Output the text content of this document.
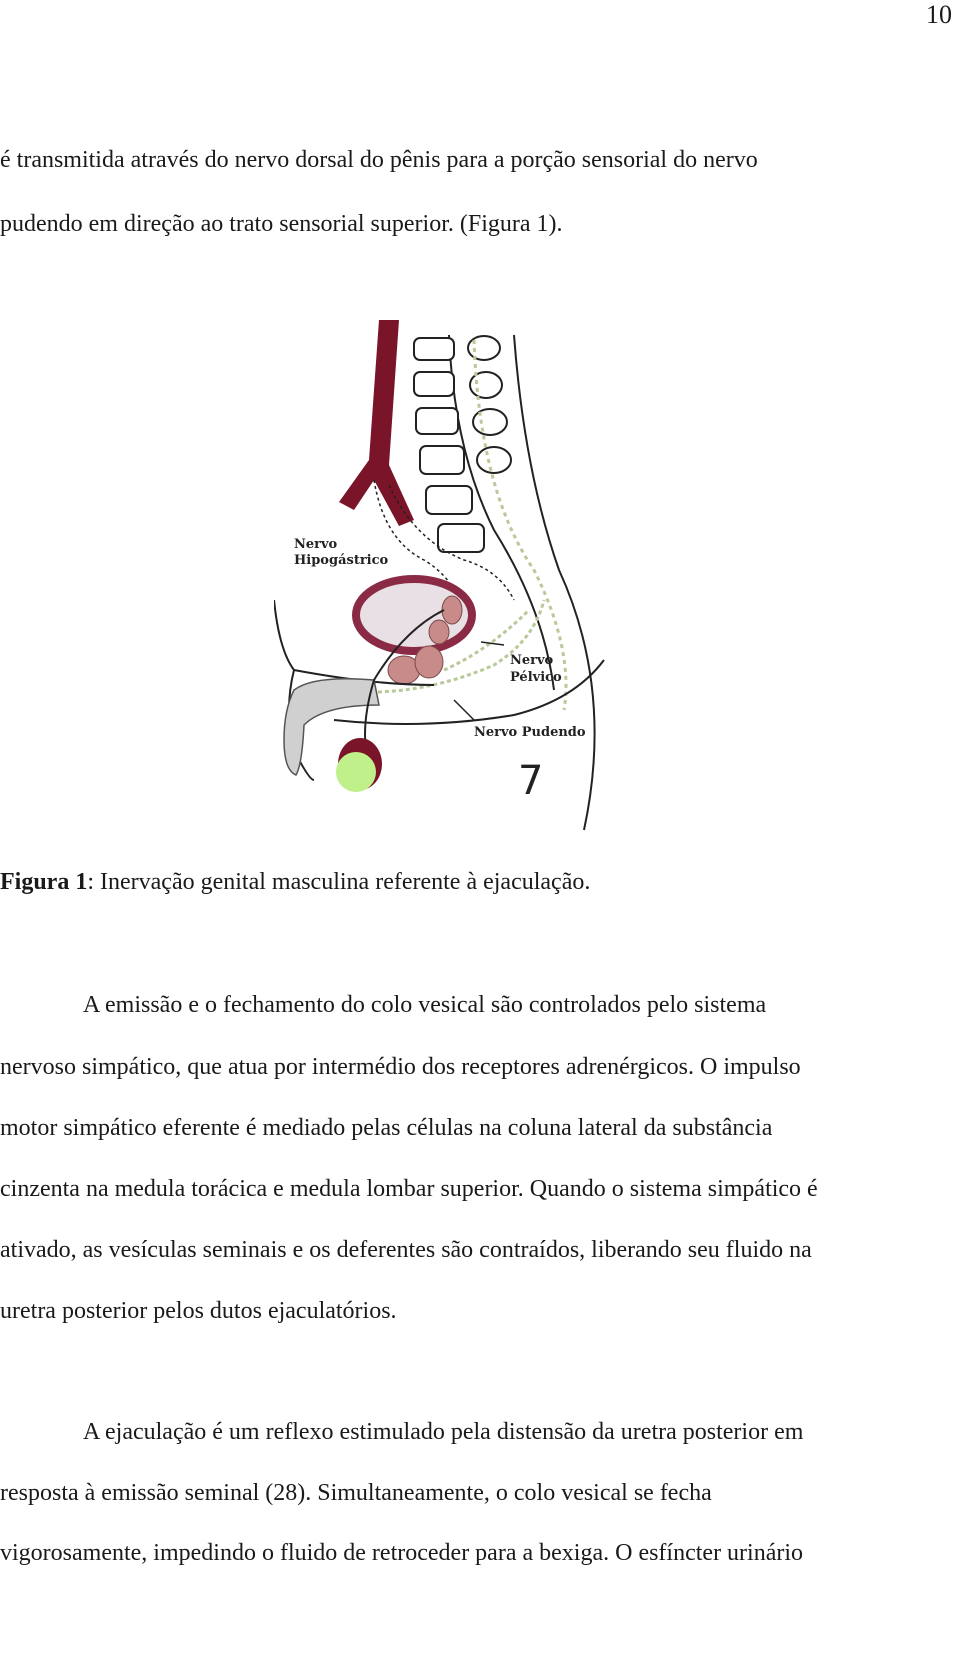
10
é transmitida através do nervo dorsal do pênis para a porção sensorial do nervo
pudendo em direção ao trato sensorial superior. (Figura 1).
Nervo
Hipogástrico
Nervo
Pélvico
Nervo Pudendo
7
Figura 1: Inervação genital masculina referente à ejaculação.
A emissão e o fechamento do colo vesical são controlados pelo sistema
nervoso simpático, que atua por intermédio dos receptores adrenérgicos. O impulso
motor simpático eferente é mediado pelas células na coluna lateral da substância
cinzenta na medula torácica e medula lombar superior. Quando o sistema simpático é
ativado, as vesículas seminais e os deferentes são contraídos, liberando seu fluido na
uretra posterior pelos dutos ejaculatórios.
A ejaculação é um reflexo estimulado pela distensão da uretra posterior em
resposta à emissão seminal (28). Simultaneamente, o colo vesical se fecha
vigorosamente, impedindo o fluido de retroceder para a bexiga. O esfíncter urinário
